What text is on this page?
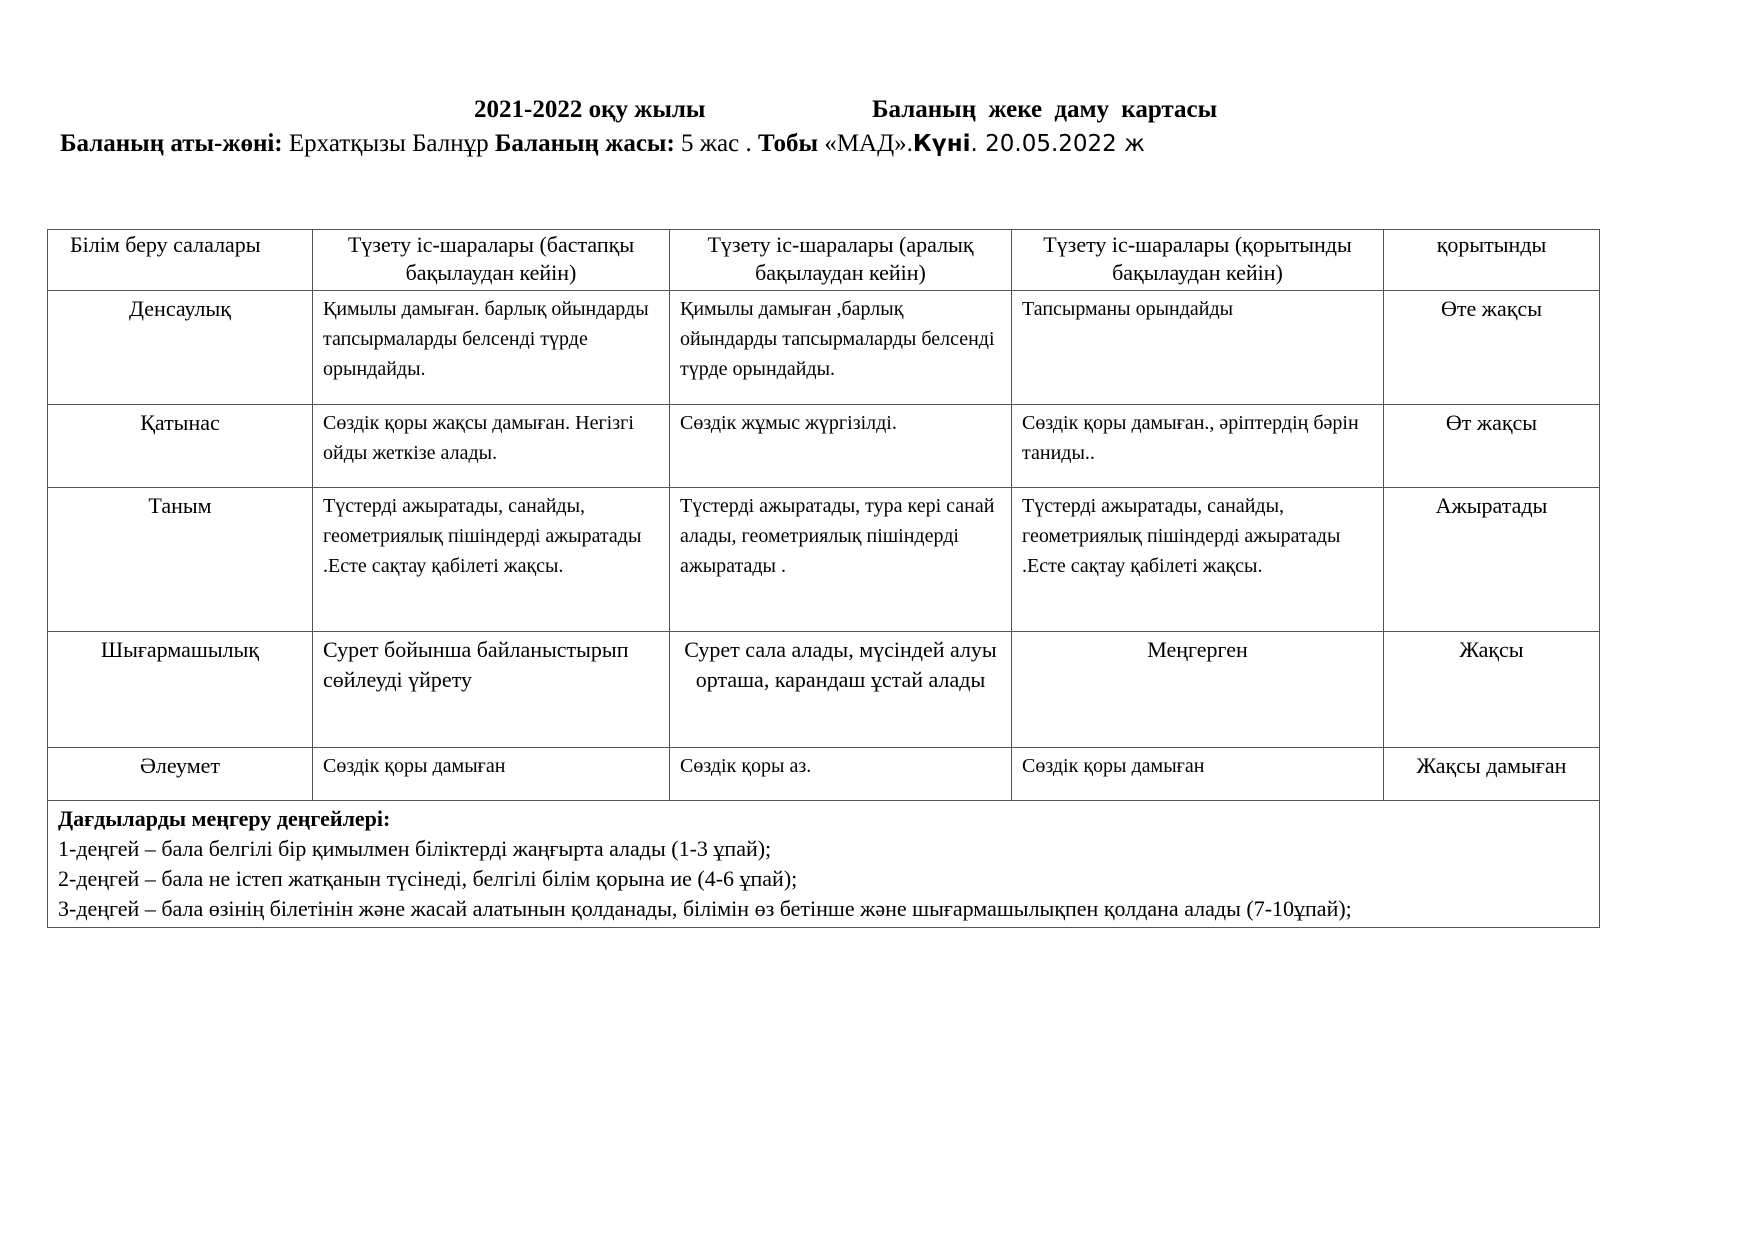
2021-2022 оқу жылы	Баланың жеке даму картасы
Баланың аты-жөні: Ерхатқызы Балнұр Баланың жасы: 5 жас . Тобы «МАД».Күні. 20.05.2022 ж
Білім беру салалары	Түзету іс-шаралары (бастапқы бақылаудан кейін)	Түзету іс-шаралары (аралық бақылаудан кейін)	Түзету іс-шаралары (қорытынды бақылаудан кейін)	қорытынды
Денсаулық	Қимылы дамыған. барлық ойындарды тапсырмаларды белсенді түрде орындайды.	Қимылы дамыған ,барлық ойындарды тапсырмаларды белсенді түрде орындайды.	Тапсырманы орындайды	Өте жақсы
Қатынас	Сөздік қоры жақсы дамыған. Негізгі ойды жеткізе алады.	Сөздік жұмыс жүргізілді.	Сөздік қоры дамыған., әріптердің бәрін таниды..	Өт жақсы
Таным	Түстерді ажыратады, санайды, геометриялық пішіндерді ажыратады .Есте сақтау қабілеті жақсы.	Түстерді ажыратады, тура кері санай алады, геометриялық пішіндерді ажыратады .	Түстерді ажыратады, санайды, геометриялық пішіндерді ажыратады .Есте сақтау қабілеті жақсы.	Ажыратады
Шығармашылық	Сурет бойынша байланыстырып сөйлеуді үйрету	Сурет сала алады, мүсіндей алуы орташа, карандаш ұстай алады	Меңгерген	Жақсы
Әлеумет	Сөздік қоры дамыған	Сөздік қоры аз.	Сөздік қоры дамыған	Жақсы дамыған

Дағдыларды меңгеру деңгейлері:
1-деңгей – бала белгілі бір қимылмен біліктерді жаңғырта алады (1-3 ұпай);
2-деңгей – бала не істеп жатқанын түсінеді, белгілі білім қорына ие (4-6 ұпай);
3-деңгей – бала өзінің білетінін және жасай алатынын қолданады, білімін өз бетінше және шығармашылықпен қолдана алады (7-10ұпай);				
